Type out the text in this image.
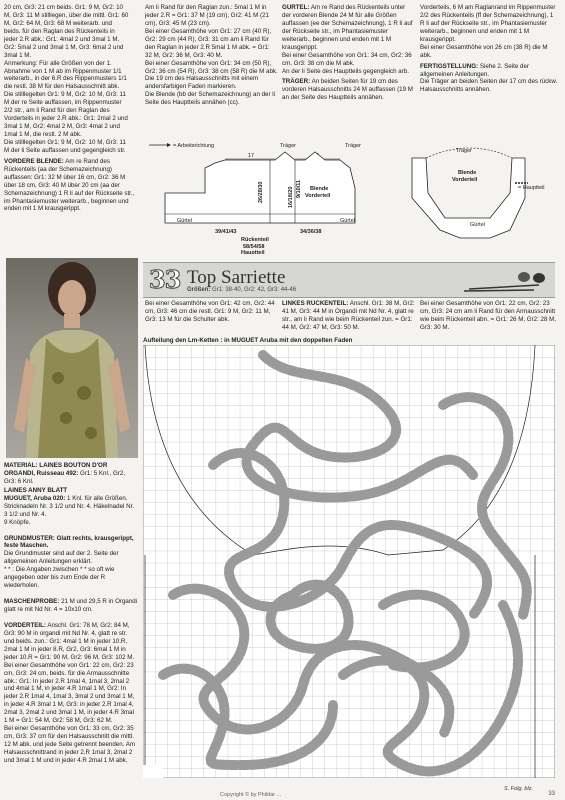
20 cm, Gr3: 21 cm beids. Gr1: 9 M, Gr2: 10
M, Gr3: 11 M stilllegen, über die mittl. Gr1: 60
M, Gr2: 64 M, Gr3: 68 M weiterarb. und
beids. für den Raglan des Rückenteils in
jeder 2.R abk.: Gr1: 4mal 2 und 3mal 1 M,
Gr2: 5mal 2 und 3mal 1 M, Gr3: 6mal 2 und
3mal 1 M.
Anmerkung: Für alle Größen von der 1.
Abnahme von 1 M ab im Rippenmuster 1/1
weiterarb., in der 6.R des Rippenmusters 1/1
die restl. 38 M für den Halsausschnitt abk.
Die stilllegelten Gr1: 9 M, Gr2: 10 M, Gr3: 11
M der re Seite auffassen, im Rippenmuster
2/2 str., am li Rand für den Raglan des
Vorderteils in jeder 2.R abk.: Gr1: 2mal 2 und
3mal 1 M, Gr2: 4mal 2 M, Gr3: 4mal 2 und
1mal 1 M, die restl. 2 M abk.
Die stilllegelten Gr1: 9 M, Gr2: 10 M, Gr3: 11
M der li Seite auffassen und gegengleich str.

VORDERE BLENDE: Am re Rand des Rückenteils (aa der Schemazeichnung) auffassen: Gr1: 32 M über 16 cm, Gr2: 36 M über 18 cm, Gr3: 40 M über 20 cm (aa der Schemazeichnung) 1 R li auf der Rückseite str., im Phantasiemuster weiterarb., beginnen und enden mit 1 M krausgerippt.

Am li Rand für den Raglan zun.: 5mal 1 M in jeder 2.R = Gr1: 37 M (19 cm), Gr2: 41 M (21 cm), Gr3: 45 M (23 cm).
Bei einer Gesamthöhe von Gr1: 27 cm (40 R), Gr2: 29 cm (44 R), Gr3: 31 cm am li Rand für den Raglan in jeder 2.R 5mal 1 M abk. = Gr1: 32 M, Gr2: 36 M, Gr3: 40 M.
Bei einer Gesamthöhe von Gr1: 34 cm (50 R), Gr2: 36 cm (54 R), Gr3: 38 cm (58 R) die M abk.
Die 19 cm des Halsausschnitts mit einem andersfarbigen Faden markieren.
Die Blende (bb der Schemazeichnung) an der li Seite des Hauptteils annähen (cc).

GÜRTEL: Am re Rand des Rückenteils unter der vorderen Blende 24 M für alle Größen auffassen (ee der Schemazeichnung), 1 R li auf der Rückseite str., im Phantasiemuster weiterarb., beginnen und enden mit 1 M krausgerippt.
Bei einer Gesamthöhe von Gr1: 34 cm, Gr2: 36 cm, Gr3: 38 cm die M abk.
An der li Seite des Hauptteils gegengleich arb.

TRÄGER: An beiden Seiten für 19 cm des vorderen Halsausschnitts 24 M auffassen (19 M an der Seite des Hauptteils annähen.

Vorderteils, 6 M am Raglanrand im Rippenmuster 2/2 des Rückenteils (ff der Schemazeichnung), 1 R li auf der Rückseite str., im Phantasiemuster weiterarb., beginnen und enden mit 1 M krausgerippt.
Bei einer Gesamthöhe von 26 cm (38 R) die M abk.

FERTIGSTELLUNG: Siehe 2. Seite der allgemeinen Anleitungen.
Die Träger an beiden Seiten der 17 cm des rückw. Halsausschnitts annähen.

= Arbeitsrichtung	Träger	Träger
17
26/28/30	16/18/20 9/10/11 Blende
Vorderteil
Gürtel	Gürtel
39/41/43	34/36/38
Rückenteil
58/54/58
Hauptteil
Träger
Blende
Vorderteil
= Hauptteil
Gürtel
33 Top Sarriette
Größen: Gr1: 38-40, Gr2: 42, Gr3: 44-46

Bei einer Gesamthöhe von Gr1: 42 cm, Gr2: 44 cm, Gr3: 46 cm die restl. Gr1: 9 M, Gr2: 11 M, Gr3: 13 M für die Schulter abk.

LINKES RÜCKENTEIL: Anschl. Gr1: 38 M, Gr2: 41 M, Gr3: 44 M in Organdi mit Nd Nr. 4, glatt re str., am li Rand wie beim Rückenteil zun. = Gr1: 44 M, Gr2: 47 M, Gr3: 50 M.

Bei einer Gesamthöhe von Gr1: 22 cm, Gr2: 23 cm, Gr3: 24 cm am li Rand für den Armausschnitt wie beim Rückenteil abn. = Gr1: 26 M, Gr2: 28 M, Gr3: 30 M.

MATERIAL: LAINES BOUTON D'OR ORGANDI, Ruisseau 492: Gr1: 5 Knl., Gr2, Gr3: 6 Knl.

LAINES ANNY BLATT
MUGUET, Aruba 020: 1 Knl. für alle Größen.
Stricknadeln Nr. 3 1/2 und Nr. 4. Häkelnadel Nr. 3 1/2 und Nr. 4.
9 Knöpfe.

GRUNDMUSTER: Glatt rechts, krausgerippt, feste Maschen.

Die Grundmuster sind auf der 2. Seite der allgemeinen Anleitungen erklärt.
* * : Die Angaben zwischen * * so oft wie angegeben oder bis zum Ende der R wiederholen.

MASCHENPROBE: 21 M und 29,5 R in Organdi glatt re mit Nd Nr. 4 = 10x10 cm.

VORDERTEIL: Anschl. Gr1: 78 M, Gr2: 84 M, Gr3: 90 M in organdi mit Nd Nr. 4, glatt re str. und beids. zun.: Gr1: 4mal 1 M in jeder 10.R, 2mal 1 M in jeder 8.R, Gr2, Gr3: 6mal 1 M in jeder 10.R = Gr1: 90 M, Gr2: 96 M, Gr3: 102 M.
Bei einer Gesamthöhe von Gr1: 22 cm, Gr2: 23 cm, Gr3: 24 cm, beids. für die Armausschnitte abk.: Gr1: In jeder 2.R 1mal 4, 1mal 3, 2mal 2 und 4mal 1 M, in jeder 4.R 1mal 1 M, Gr2: In jeder 2.R 1mal 4, 1mal 3, 3mal 2 und 3mal 1 M, in jeder 4.R 3mal 1 M, Gr3: in jeder 2.R 1mal 4, 2mal 3, 2mal 2 und 3mal 1 M, in jeder 4.R 3mal 1 M = Gr1: 54 M, Gr2: 58 M, Gr3: 62 M.
Bei einer Gesamthöhe von Gr1: 33 cm, Gr2: 35 cm, Gr3: 37 cm für den Halsausschnitt die mittl. 12 M abk. und jede Seite getrennt beenden. Am Halsausschnittrand in jeder 2.R 1mal 3, 2mal 2 und 3mal 1 M und in jeder 4.R 2mal 1 M abk.

Aufteilung den Lm-Ketten : in MUGUET Aruba mit den doppelten Faden
S. Folg. blz.
Copyright © by Phildar ...	33
